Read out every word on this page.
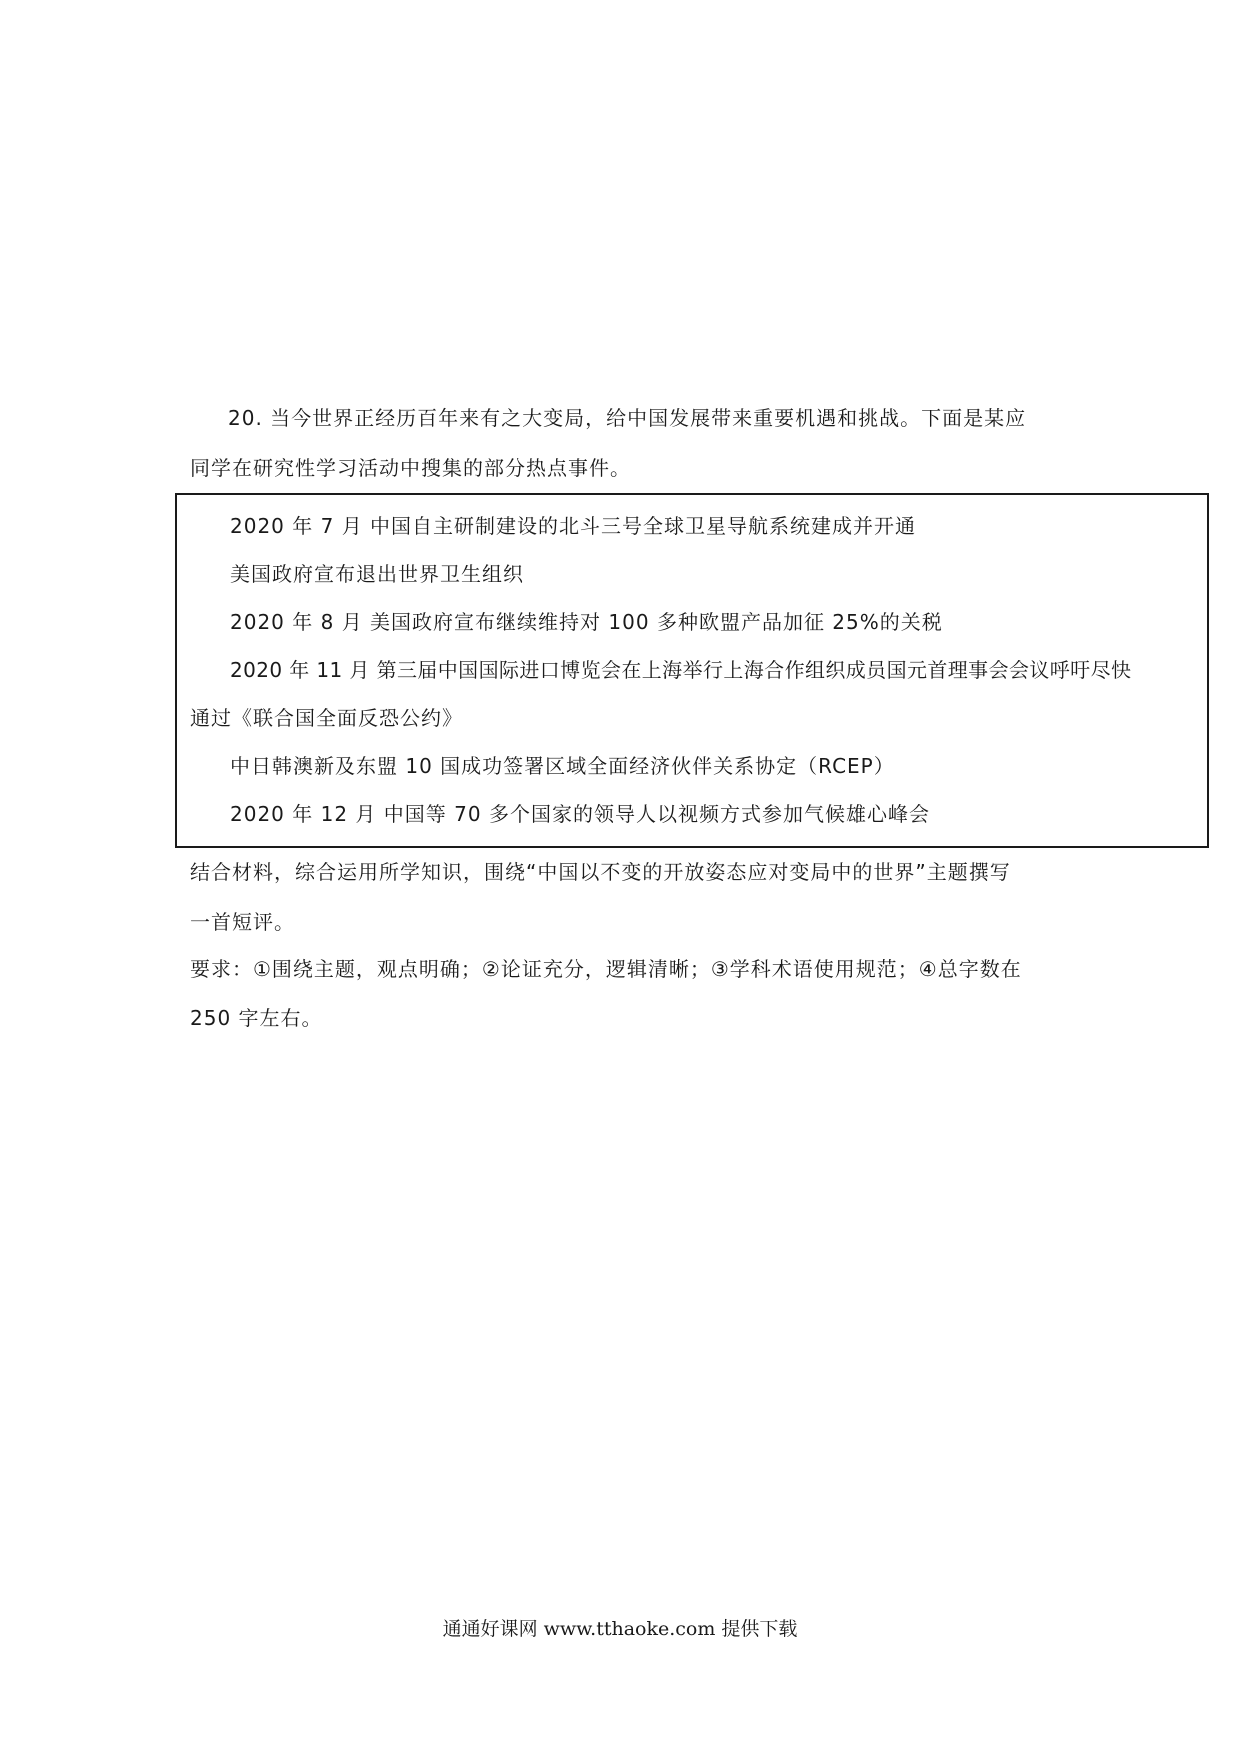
20. 当今世界正经历百年来有之大变局，给中国发展带来重要机遇和挑战。下面是某应
同学在研究性学习活动中搜集的部分热点事件。
2020 年 7 月 中国自主研制建设的北斗三号全球卫星导航系统建成并开通
美国政府宣布退出世界卫生组织
2020 年 8 月 美国政府宣布继续维持对 100 多种欧盟产品加征 25%的关税
2020 年 11 月 第三届中国国际进口博览会在上海举行上海合作组织成员国元首理事会会议呼吁尽快
通过《联合国全面反恐公约》
中日韩澳新及东盟 10 国成功签署区域全面经济伙伴关系协定（RCEP）
2020 年 12 月 中国等 70 多个国家的领导人以视频方式参加气候雄心峰会
结合材料，综合运用所学知识，围绕“中国以不变的开放姿态应对变局中的世界”主题撰写
一首短评。
要求：①围绕主题，观点明确；②论证充分，逻辑清晰；③学科术语使用规范；④总字数在
250 字左右。
通通好课网 www.tthaoke.com 提供下载
